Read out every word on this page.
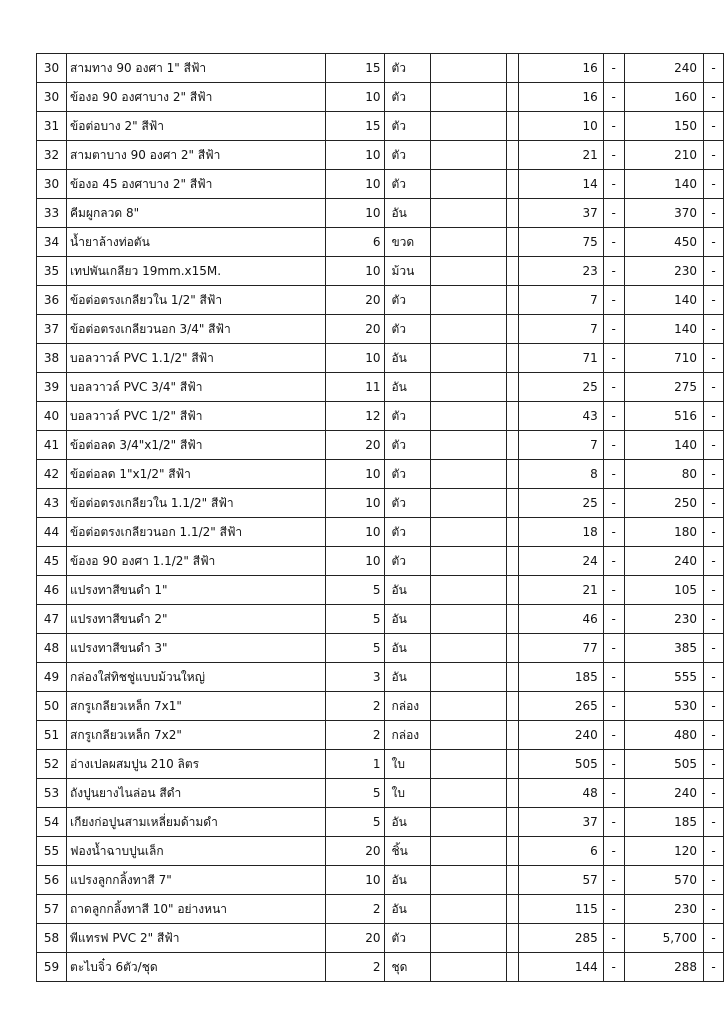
30	สามทาง 90 องศา 1" สีฟ้า	15	ตัว			16	-	240	-
30	ข้องอ 90 องศาบาง 2" สีฟ้า	10	ตัว			16	-	160	-
31	ข้อต่อบาง 2" สีฟ้า	15	ตัว			10	-	150	-
32	สามตาบาง 90 องศา 2" สีฟ้า	10	ตัว			21	-	210	-
30	ข้องอ 45 องศาบาง 2" สีฟ้า	10	ตัว			14	-	140	-
33	คีมผูกลวด 8"	10	อัน			37	-	370	-
34	น้ำยาล้างท่อตัน	6	ขวด			75	-	450	-
35	เทปพันเกลียว 19mm.x15M.	10	ม้วน			23	-	230	-
36	ข้อต่อตรงเกลียวใน 1/2" สีฟ้า	20	ตัว			7	-	140	-
37	ข้อต่อตรงเกลียวนอก 3/4" สีฟ้า	20	ตัว			7	-	140	-
38	บอลวาวล์ PVC 1.1/2" สีฟ้า	10	อัน			71	-	710	-
39	บอลวาวล์ PVC 3/4" สีฟ้า	11	อัน			25	-	275	-
40	บอลวาวล์ PVC 1/2" สีฟ้า	12	ตัว			43	-	516	-
41	ข้อต่อลด 3/4"x1/2" สีฟ้า	20	ตัว			7	-	140	-
42	ข้อต่อลด 1"x1/2" สีฟ้า	10	ตัว			8	-	80	-
43	ข้อต่อตรงเกลียวใน 1.1/2" สีฟ้า	10	ตัว			25	-	250	-
44	ข้อต่อตรงเกลียวนอก 1.1/2" สีฟ้า	10	ตัว			18	-	180	-
45	ข้องอ 90 องศา 1.1/2" สีฟ้า	10	ตัว			24	-	240	-
46	แปรงทาสีขนดำ 1"	5	อัน			21	-	105	-
47	แปรงทาสีขนดำ 2"	5	อัน			46	-	230	-
48	แปรงทาสีขนดำ 3"	5	อัน			77	-	385	-
49	กล่องใส่ทิชชู่แบบม้วนใหญ่	3	อัน			185	-	555	-
50	สกรูเกลียวเหล็ก 7x1"	2	กล่อง			265	-	530	-
51	สกรูเกลียวเหล็ก 7x2"	2	กล่อง			240	-	480	-
52	อ่างเปลผสมปูน 210 ลิตร	1	ใบ			505	-	505	-
53	ถังปูนยางไนล่อน สีดำ	5	ใบ			48	-	240	-
54	เกียงก่อปูนสามเหลี่ยมด้ามดำ	5	อัน			37	-	185	-
55	ฟองน้ำฉาบปูนเล็ก	20	ชิ้น			6	-	120	-
56	แปรงลูกกลิ้งทาสี 7"	10	อัน			57	-	570	-
57	ถาดลูกกลิ้งทาสี 10" อย่างหนา	2	อัน			115	-	230	-
58	พีแทรฟ PVC 2" สีฟ้า	20	ตัว			285	-	5,700	-
59	ตะไบจิ๋ว 6ตัว/ชุด	2	ชุด			144	-	288	-
